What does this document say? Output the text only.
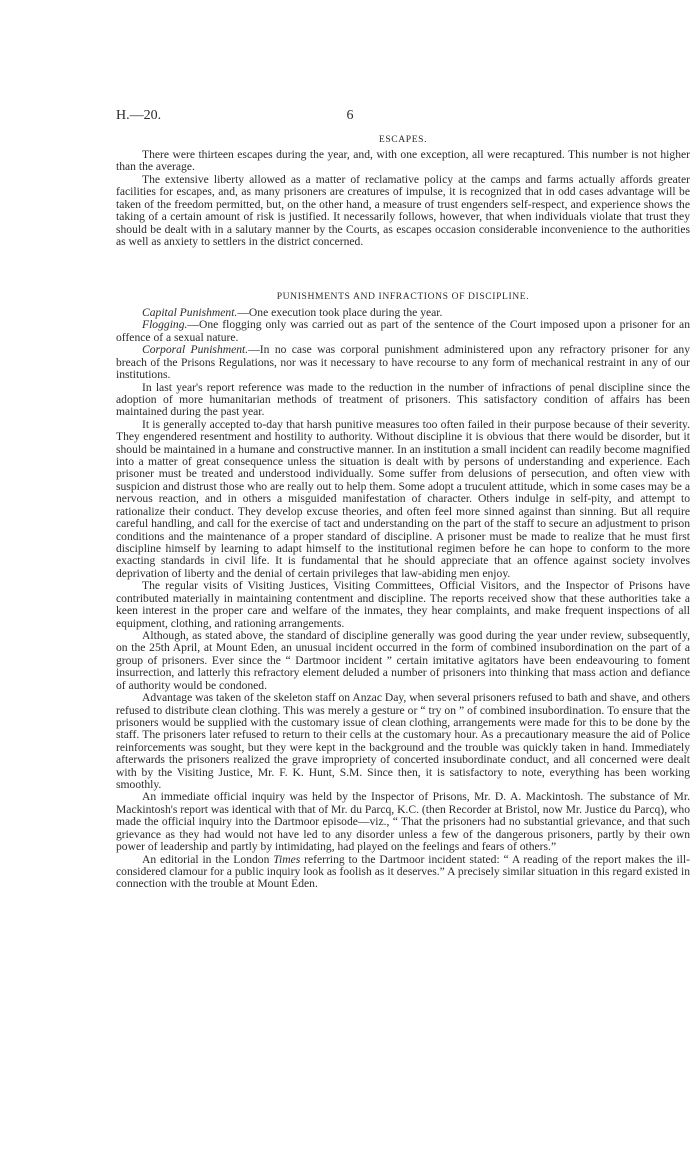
H.—20.	6
ESCAPES.

There were thirteen escapes during the year, and, with one exception, all were recaptured. This number is not higher than the average.

The extensive liberty allowed as a matter of reclamative policy at the camps and farms actually affords greater facilities for escapes, and, as many prisoners are creatures of impulse, it is recognized that in odd cases advantage will be taken of the freedom permitted, but, on the other hand, a measure of trust engenders self-respect, and experience shows the taking of a certain amount of risk is justified. It necessarily follows, however, that when individuals violate that trust they should be dealt with in a salutary manner by the Courts, as escapes occasion considerable inconvenience to the authorities as well as anxiety to settlers in the district concerned.

PUNISHMENTS AND INFRACTIONS OF DISCIPLINE.

Capital Punishment.—One execution took place during the year.

Flogging.—One flogging only was carried out as part of the sentence of the Court imposed upon a prisoner for an offence of a sexual nature.

Corporal Punishment.—In no case was corporal punishment administered upon any refractory prisoner for any breach of the Prisons Regulations, nor was it necessary to have recourse to any form of mechanical restraint in any of our institutions.

In last year's report reference was made to the reduction in the number of infractions of penal discipline since the adoption of more humanitarian methods of treatment of prisoners. This satisfactory condition of affairs has been maintained during the past year.

It is generally accepted to-day that harsh punitive measures too often failed in their purpose because of their severity. They engendered resentment and hostility to authority. Without discipline it is obvious that there would be disorder, but it should be maintained in a humane and constructive manner. In an institution a small incident can readily become magnified into a matter of great consequence unless the situation is dealt with by persons of understanding and experience. Each prisoner must be treated and understood individually. Some suffer from delusions of persecution, and often view with suspicion and distrust those who are really out to help them. Some adopt a truculent attitude, which in some cases may be a nervous reaction, and in others a misguided manifestation of character. Others indulge in self-pity, and attempt to rationalize their conduct. They develop excuse theories, and often feel more sinned against than sinning. But all require careful handling, and call for the exercise of tact and understanding on the part of the staff to secure an adjustment to prison conditions and the maintenance of a proper standard of discipline. A prisoner must be made to realize that he must first discipline himself by learning to adapt himself to the institutional regimen before he can hope to conform to the more exacting standards in civil life. It is fundamental that he should appreciate that an offence against society involves deprivation of liberty and the denial of certain privileges that law-abiding men enjoy.

The regular visits of Visiting Justices, Visiting Committees, Official Visitors, and the Inspector of Prisons have contributed materially in maintaining contentment and discipline. The reports received show that these authorities take a keen interest in the proper care and welfare of the inmates, they hear complaints, and make frequent inspections of all equipment, clothing, and rationing arrangements.

Although, as stated above, the standard of discipline generally was good during the year under review, subsequently, on the 25th April, at Mount Eden, an unusual incident occurred in the form of combined insubordination on the part of a group of prisoners. Ever since the “ Dartmoor incident ” certain imitative agitators have been endeavouring to foment insurrection, and latterly this refractory element deluded a number of prisoners into thinking that mass action and defiance of authority would be condoned.

Advantage was taken of the skeleton staff on Anzac Day, when several prisoners refused to bath and shave, and others refused to distribute clean clothing. This was merely a gesture or “ try on ” of combined insubordination. To ensure that the prisoners would be supplied with the customary issue of clean clothing, arrangements were made for this to be done by the staff. The prisoners later refused to return to their cells at the customary hour. As a precautionary measure the aid of Police reinforcements was sought, but they were kept in the background and the trouble was quickly taken in hand. Immediately afterwards the prisoners realized the grave impropriety of concerted insubordinate conduct, and all concerned were dealt with by the Visiting Justice, Mr. F. K. Hunt, S.M. Since then, it is satisfactory to note, everything has been working smoothly.

An immediate official inquiry was held by the Inspector of Prisons, Mr. D. A. Mackintosh. The substance of Mr. Mackintosh's report was identical with that of Mr. du Parcq, K.C. (then Recorder at Bristol, now Mr. Justice du Parcq), who made the official inquiry into the Dartmoor episode—viz., “ That the prisoners had no substantial grievance, and that such grievance as they had would not have led to any disorder unless a few of the dangerous prisoners, partly by their own power of leadership and partly by intimidating, had played on the feelings and fears of others.”

An editorial in the London Times referring to the Dartmoor incident stated: “ A reading of the report makes the ill-considered clamour for a public inquiry look as foolish as it deserves.” A precisely similar situation in this regard existed in connection with the trouble at Mount Eden.
